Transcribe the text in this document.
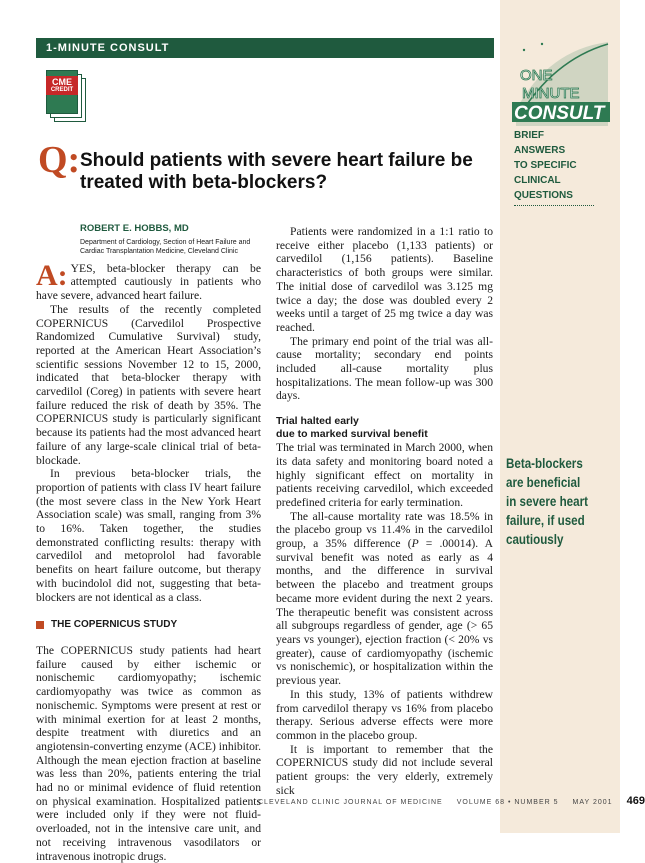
1-MINUTE CONSULT
CME
CREDIT
ONE
MINUTE
CONSULT
BRIEF
ANSWERS
TO SPECIFIC
CLINICAL
QUESTIONS
Q: Should patients with severe heart failure be treated with beta-blockers?
ROBERT E. HOBBS, MD
Department of Cardiology, Section of Heart Failure and Cardiac Transplantation Medicine, Cleveland Clinic

A: YES, beta-blocker therapy can be attempted cautiously in patients who have severe, advanced heart failure.

The results of the recently completed COPERNICUS (Carvedilol Prospective Randomized Cumulative Survival) study, reported at the American Heart Association’s scientific sessions November 12 to 15, 2000, indicated that beta-blocker therapy with carvedilol (Coreg) in patients with severe heart failure reduced the risk of death by 35%. The COPERNICUS study is particularly significant because its patients had the most advanced heart failure of any large-scale clinical trial of beta-blockade.

In previous beta-blocker trials, the proportion of patients with class IV heart failure (the most severe class in the New York Heart Association scale) was small, ranging from 3% to 16%. Taken together, the studies demonstrated conflicting results: therapy with carvedilol and metoprolol had favorable benefits on heart failure outcome, but therapy with bucindolol did not, suggesting that beta-blockers are not identical as a class.

THE COPERNICUS STUDY

The COPERNICUS study patients had heart failure caused by either ischemic or nonischemic cardiomyopathy; ischemic cardiomyopathy was twice as common as nonischemic. Symptoms were present at rest or with minimal exertion for at least 2 months, despite treatment with diuretics and an angiotensin-converting enzyme (ACE) inhibitor. Although the mean ejection fraction at baseline was less than 20%, patients entering the trial had no or minimal evidence of fluid retention on physical examination. Hospitalized patients were included only if they were not fluid-overloaded, not in the intensive care unit, and not receiving intravenous vasodilators or intravenous inotropic drugs.

Patients were randomized in a 1:1 ratio to receive either placebo (1,133 patients) or carvedilol (1,156 patients). Baseline characteristics of both groups were similar. The initial dose of carvedilol was 3.125 mg twice a day; the dose was doubled every 2 weeks until a target of 25 mg twice a day was reached.

The primary end point of the trial was all-cause mortality; secondary end points included all-cause mortality plus hospitalizations. The mean follow-up was 300 days.

Trial halted early
due to marked survival benefit

The trial was terminated in March 2000, when its data safety and monitoring board noted a highly significant effect on mortality in patients receiving carvedilol, which exceeded predefined criteria for early termination.

The all-cause mortality rate was 18.5% in the placebo group vs 11.4% in the carvedilol group, a 35% difference (P = .00014). A survival benefit was noted as early as 4 months, and the difference in survival between the placebo and treatment groups became more evident during the next 2 years. The therapeutic benefit was consistent across all subgroups regardless of gender, age (> 65 years vs younger), ejection fraction (< 20% vs greater), cause of cardiomyopathy (ischemic vs nonischemic), or hospitalization within the previous year.

In this study, 13% of patients withdrew from carvedilol therapy vs 16% from placebo therapy. Serious adverse effects were more common in the placebo group.

It is important to remember that the COPERNICUS study did not include several patient groups: the very elderly, extremely sick

Beta-blockers are beneficial in severe heart failure, if used cautiously
CLEVELAND CLINIC JOURNAL OF MEDICINE VOLUME 68 • NUMBER 5 MAY 2001 469
